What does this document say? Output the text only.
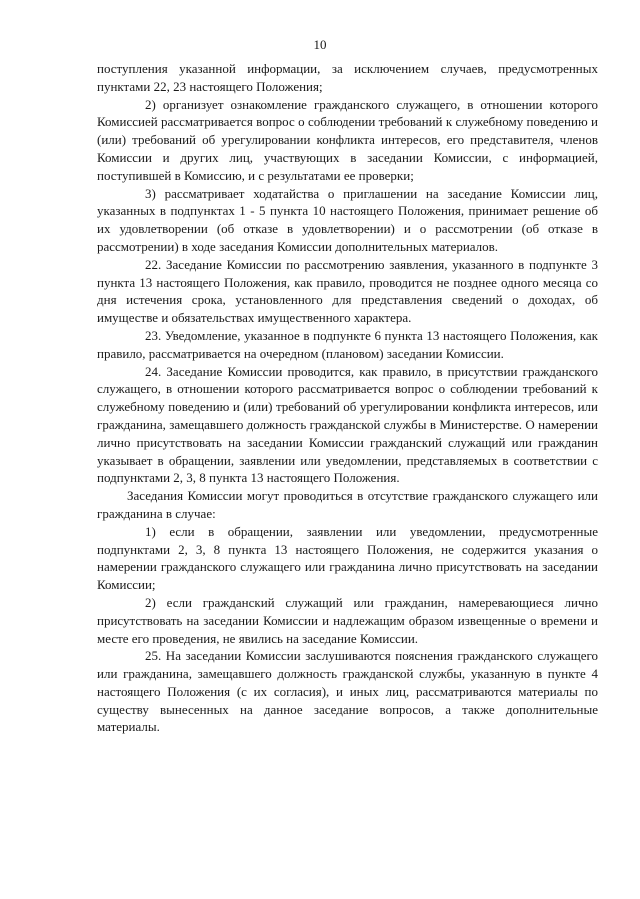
10

поступления указанной информации, за исключением случаев, предусмотренных пунктами 22, 23 настоящего Положения;

2) организует ознакомление гражданского служащего, в отношении которого Комиссией рассматривается вопрос о соблюдении требований к служебному поведению и (или) требований об урегулировании конфликта интересов, его представителя, членов Комиссии и других лиц, участвующих в заседании Комиссии, с информацией, поступившей в Комиссию, и с результатами ее проверки;

3) рассматривает ходатайства о приглашении на заседание Комиссии лиц, указанных в подпунктах 1 - 5 пункта 10 настоящего Положения, принимает решение об их удовлетворении (об отказе в удовлетворении) и о рассмотрении (об отказе в рассмотрении) в ходе заседания Комиссии дополнительных материалов.

22. Заседание Комиссии по рассмотрению заявления, указанного в подпункте 3 пункта 13 настоящего Положения, как правило, проводится не позднее одного месяца со дня истечения срока, установленного для представления сведений о доходах, об имуществе и обязательствах имущественного характера.

23. Уведомление, указанное в подпункте 6 пункта 13 настоящего Положения, как правило, рассматривается на очередном (плановом) заседании Комиссии.

24. Заседание Комиссии проводится, как правило, в присутствии гражданского служащего, в отношении которого рассматривается вопрос о соблюдении требований к служебному поведению и (или) требований об урегулировании конфликта интересов, или гражданина, замещавшего должность гражданской службы в Министерстве. О намерении лично присутствовать на заседании Комиссии гражданский служащий или гражданин указывает в обращении, заявлении или уведомлении, представляемых в соответствии с подпунктами 2, 3, 8 пункта 13 настоящего Положения.

Заседания Комиссии могут проводиться в отсутствие гражданского служащего или гражданина в случае:

1) если в обращении, заявлении или уведомлении, предусмотренные подпунктами 2, 3, 8 пункта 13 настоящего Положения, не содержится указания о намерении гражданского служащего или гражданина лично присутствовать на заседании Комиссии;

2) если гражданский служащий или гражданин, намеревающиеся лично присутствовать на заседании Комиссии и надлежащим образом извещенные о времени и месте его проведения, не явились на заседание Комиссии.

25. На заседании Комиссии заслушиваются пояснения гражданского служащего или гражданина, замещавшего должность гражданской службы, указанную в пункте 4 настоящего Положения (с их согласия), и иных лиц, рассматриваются материалы по существу вынесенных на данное заседание вопросов, а также дополнительные материалы.
